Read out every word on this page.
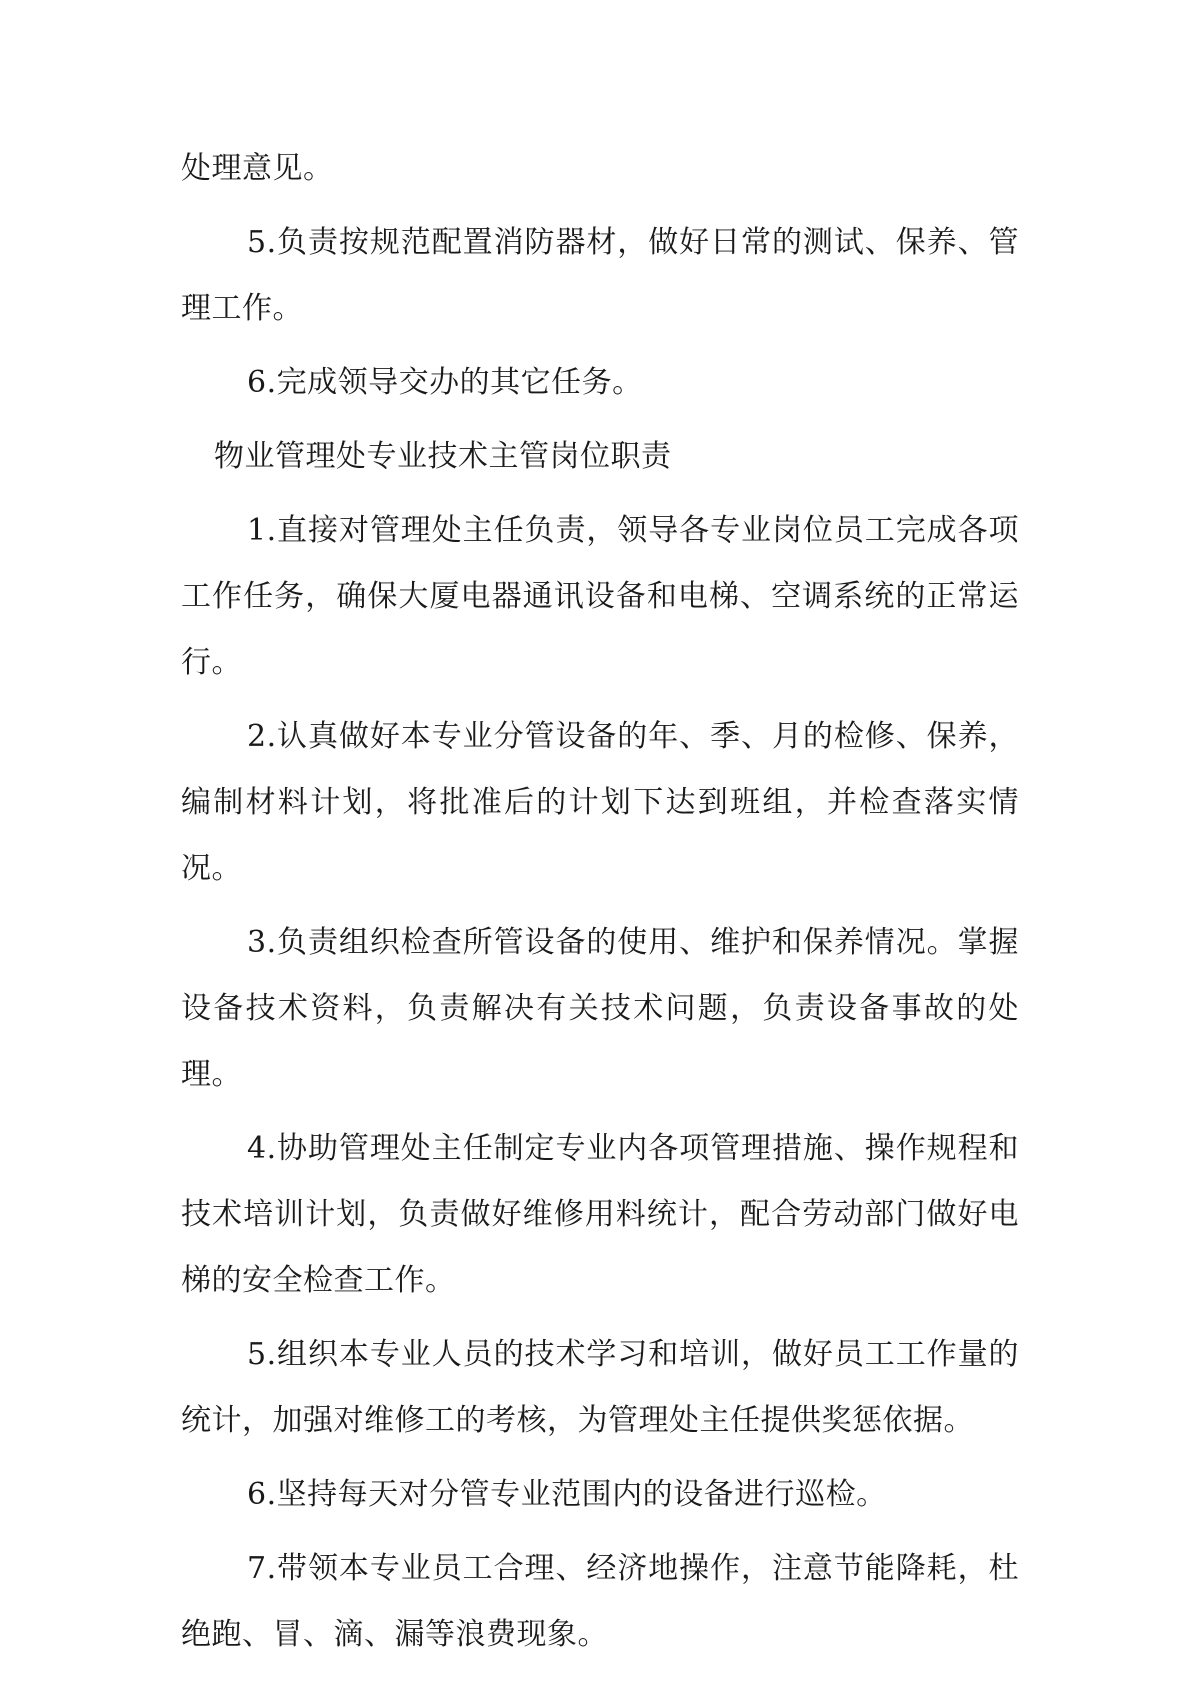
处理意见。

5.负责按规范配置消防器材，做好日常的测试、保养、管理工作。

6.完成领导交办的其它任务。

物业管理处专业技术主管岗位职责

1.直接对管理处主任负责，领导各专业岗位员工完成各项工作任务，确保大厦电器通讯设备和电梯、空调系统的正常运行。

2.认真做好本专业分管设备的年、季、月的检修、保养，编制材料计划，将批准后的计划下达到班组，并检查落实情况。

3.负责组织检查所管设备的使用、维护和保养情况。掌握设备技术资料，负责解决有关技术问题，负责设备事故的处理。

4.协助管理处主任制定专业内各项管理措施、操作规程和技术培训计划，负责做好维修用料统计，配合劳动部门做好电梯的安全检查工作。

5.组织本专业人员的技术学习和培训，做好员工工作量的统计，加强对维修工的考核，为管理处主任提供奖惩依据。

6.坚持每天对分管专业范围内的设备进行巡检。

7.带领本专业员工合理、经济地操作，注意节能降耗，杜绝跑、冒、滴、漏等浪费现象。
